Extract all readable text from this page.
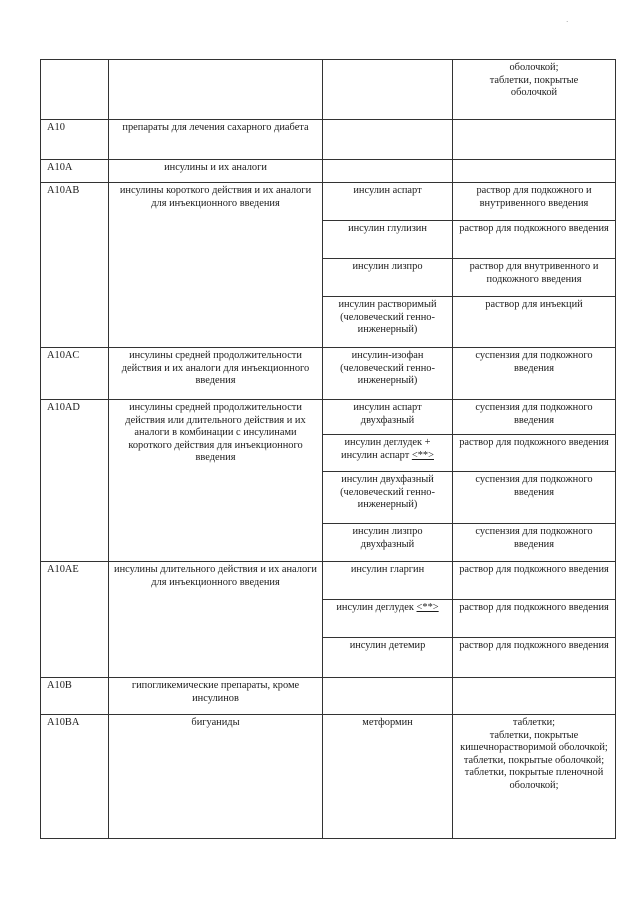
·
			оболочкой;
таблетки, покрытые
оболочкой
A10	препараты для лечения сахарного диабета		
A10A	инсулины и их аналоги		
A10AB	инсулины короткого действия и их аналоги для инъекционного введения	инсулин аспарт	раствор для подкожного и внутривенного введения
		инсулин глулизин	раствор для подкожного введения
		инсулин лизпро	раствор для внутривенного и подкожного введения
		инсулин растворимый (человеческий генно-инженерный)	раствор для инъекций
A10AC	инсулины средней продолжительности действия и их аналоги для инъекционного введения	инсулин-изофан (человеческий генно-инженерный)	суспензия для подкожного введения
A10AD	инсулины средней продолжительности действия или длительного действия и их аналоги в комбинации с инсулинами короткого действия для инъекционного введения	инсулин аспарт двухфазный	суспензия для подкожного введения
		инсулин деглудек + инсулин аспарт <**>	раствор для подкожного введения
		инсулин двухфазный (человеческий генно-инженерный)	суспензия для подкожного введения
		инсулин лизпро двухфазный	суспензия для подкожного введения
A10AE	инсулины длительного действия и их аналоги для инъекционного введения	инсулин гларгин	раствор для подкожного введения
		инсулин деглудек <**>	раствор для подкожного введения
		инсулин детемир	раствор для подкожного введения
A10B	гипогликемические препараты, кроме инсулинов		
A10BA	бигуаниды	метформин	таблетки;
таблетки, покрытые кишечнорастворимой оболочкой;
таблетки, покрытые оболочкой;
таблетки, покрытые пленочной оболочкой;
